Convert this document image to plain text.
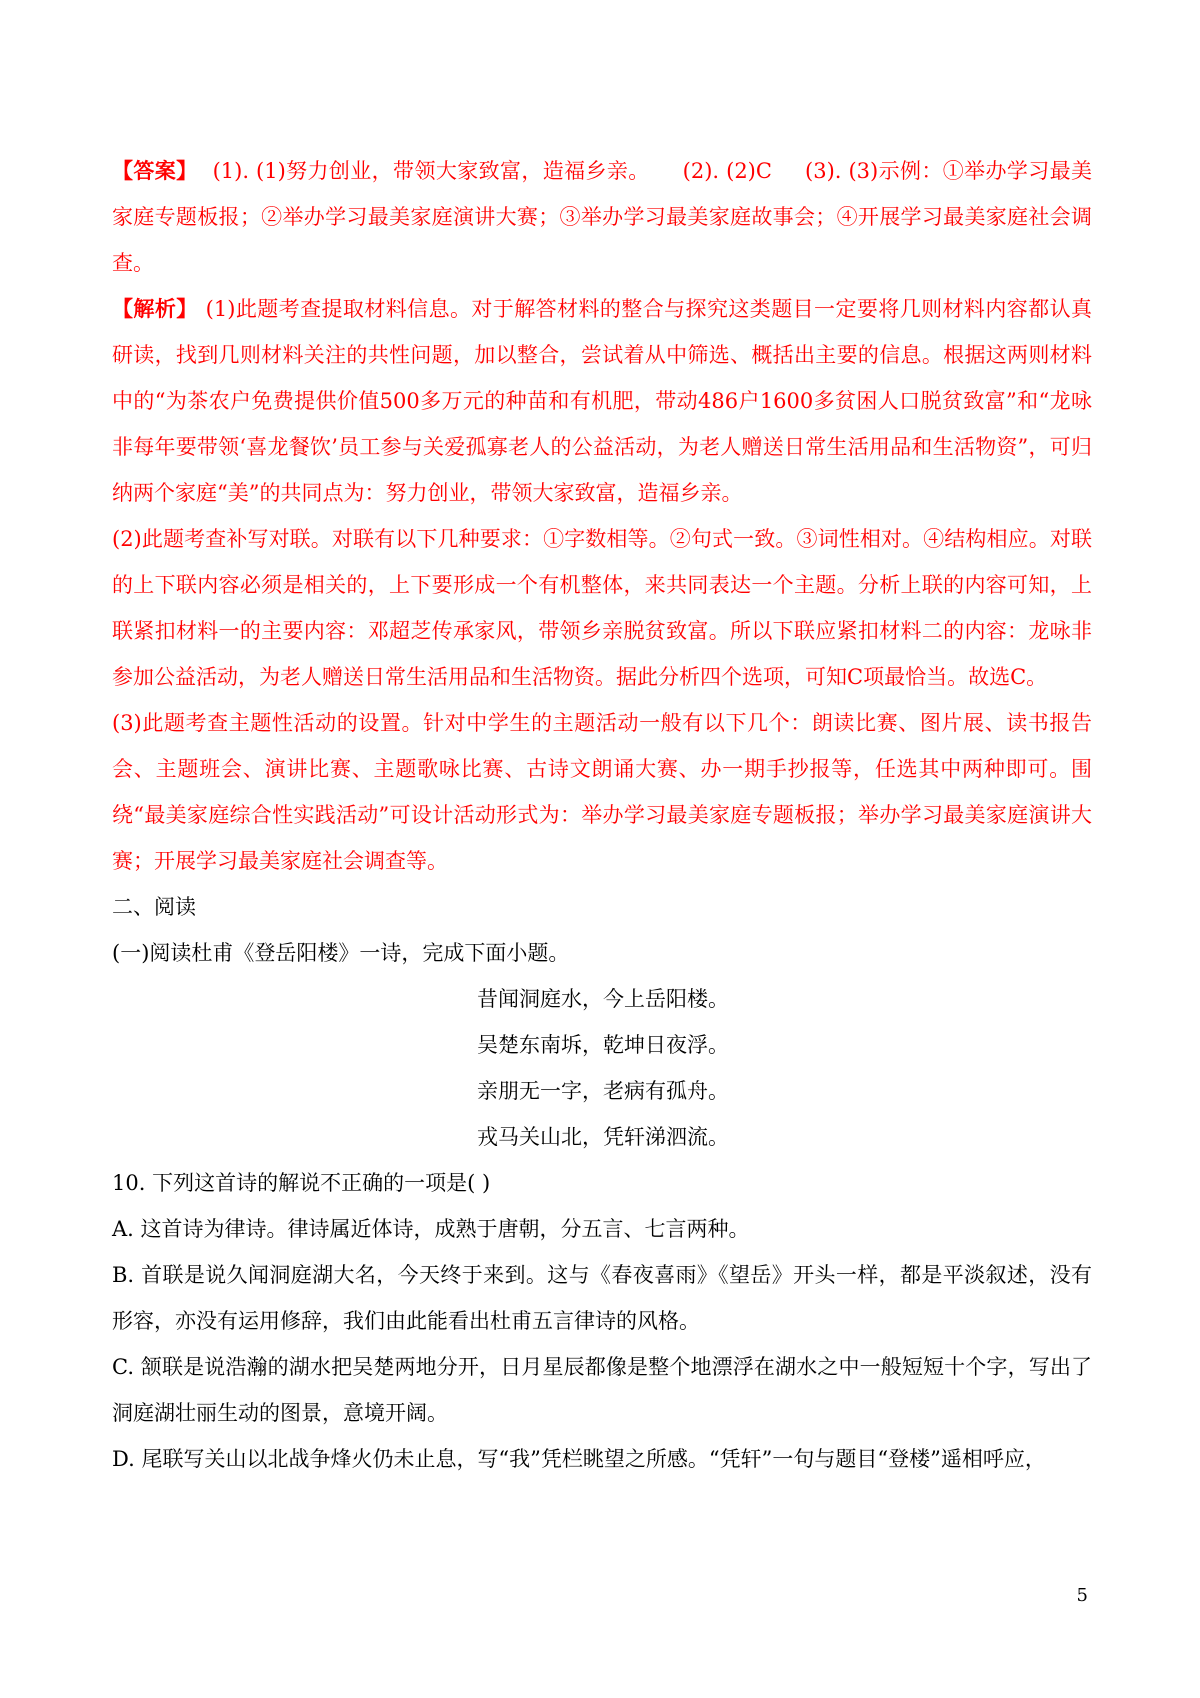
【答案】 (1). (1)努力创业，带领大家致富，造福乡亲。 (2). (2)C (3). (3)示例：①举办学习最美家庭专题板报；②举办学习最美家庭演讲大赛；③举办学习最美家庭故事会；④开展学习最美家庭社会调查。

【解析】 (1)此题考查提取材料信息。对于解答材料的整合与探究这类题目一定要将几则材料内容都认真研读，找到几则材料关注的共性问题，加以整合，尝试着从中筛选、概括出主要的信息。根据这两则材料中的“为茶农户免费提供价值500多万元的种苗和有机肥，带动486户1600多贫困人口脱贫致富”和“龙咏非每年要带领‘喜龙餐饮’员工参与关爱孤寡老人的公益活动，为老人赠送日常生活用品和生活物资”，可归纳两个家庭“美”的共同点为：努力创业，带领大家致富，造福乡亲。

(2)此题考查补写对联。对联有以下几种要求：①字数相等。②句式一致。③词性相对。④结构相应。对联的上下联内容必须是相关的，上下要形成一个有机整体，来共同表达一个主题。分析上联的内容可知，上联紧扣材料一的主要内容：邓超芝传承家风，带领乡亲脱贫致富。所以下联应紧扣材料二的内容：龙咏非参加公益活动，为老人赠送日常生活用品和生活物资。据此分析四个选项，可知C项最恰当。故选C。

(3)此题考查主题性活动的设置。针对中学生的主题活动一般有以下几个：朗读比赛、图片展、读书报告会、主题班会、演讲比赛、主题歌咏比赛、古诗文朗诵大赛、办一期手抄报等，任选其中两种即可。围绕“最美家庭综合性实践活动”可设计活动形式为：举办学习最美家庭专题板报；举办学习最美家庭演讲大赛；开展学习最美家庭社会调查等。

二、阅读

(一)阅读杜甫《登岳阳楼》一诗，完成下面小题。

昔闻洞庭水，今上岳阳楼。

吴楚东南坼，乾坤日夜浮。

亲朋无一字，老病有孤舟。

戎马关山北，凭轩涕泗流。

10. 下列这首诗的解说不正确的一项是( )

A. 这首诗为律诗。律诗属近体诗，成熟于唐朝，分五言、七言两种。

B. 首联是说久闻洞庭湖大名，今天终于来到。这与《春夜喜雨》《望岳》开头一样，都是平淡叙述，没有形容，亦没有运用修辞，我们由此能看出杜甫五言律诗的风格。

C. 颔联是说浩瀚的湖水把吴楚两地分开，日月星辰都像是整个地漂浮在湖水之中一般短短十个字，写出了洞庭湖壮丽生动的图景，意境开阔。

D. 尾联写关山以北战争烽火仍未止息，写“我”凭栏眺望之所感。“凭轩”一句与题目“登楼”遥相呼应，

5
